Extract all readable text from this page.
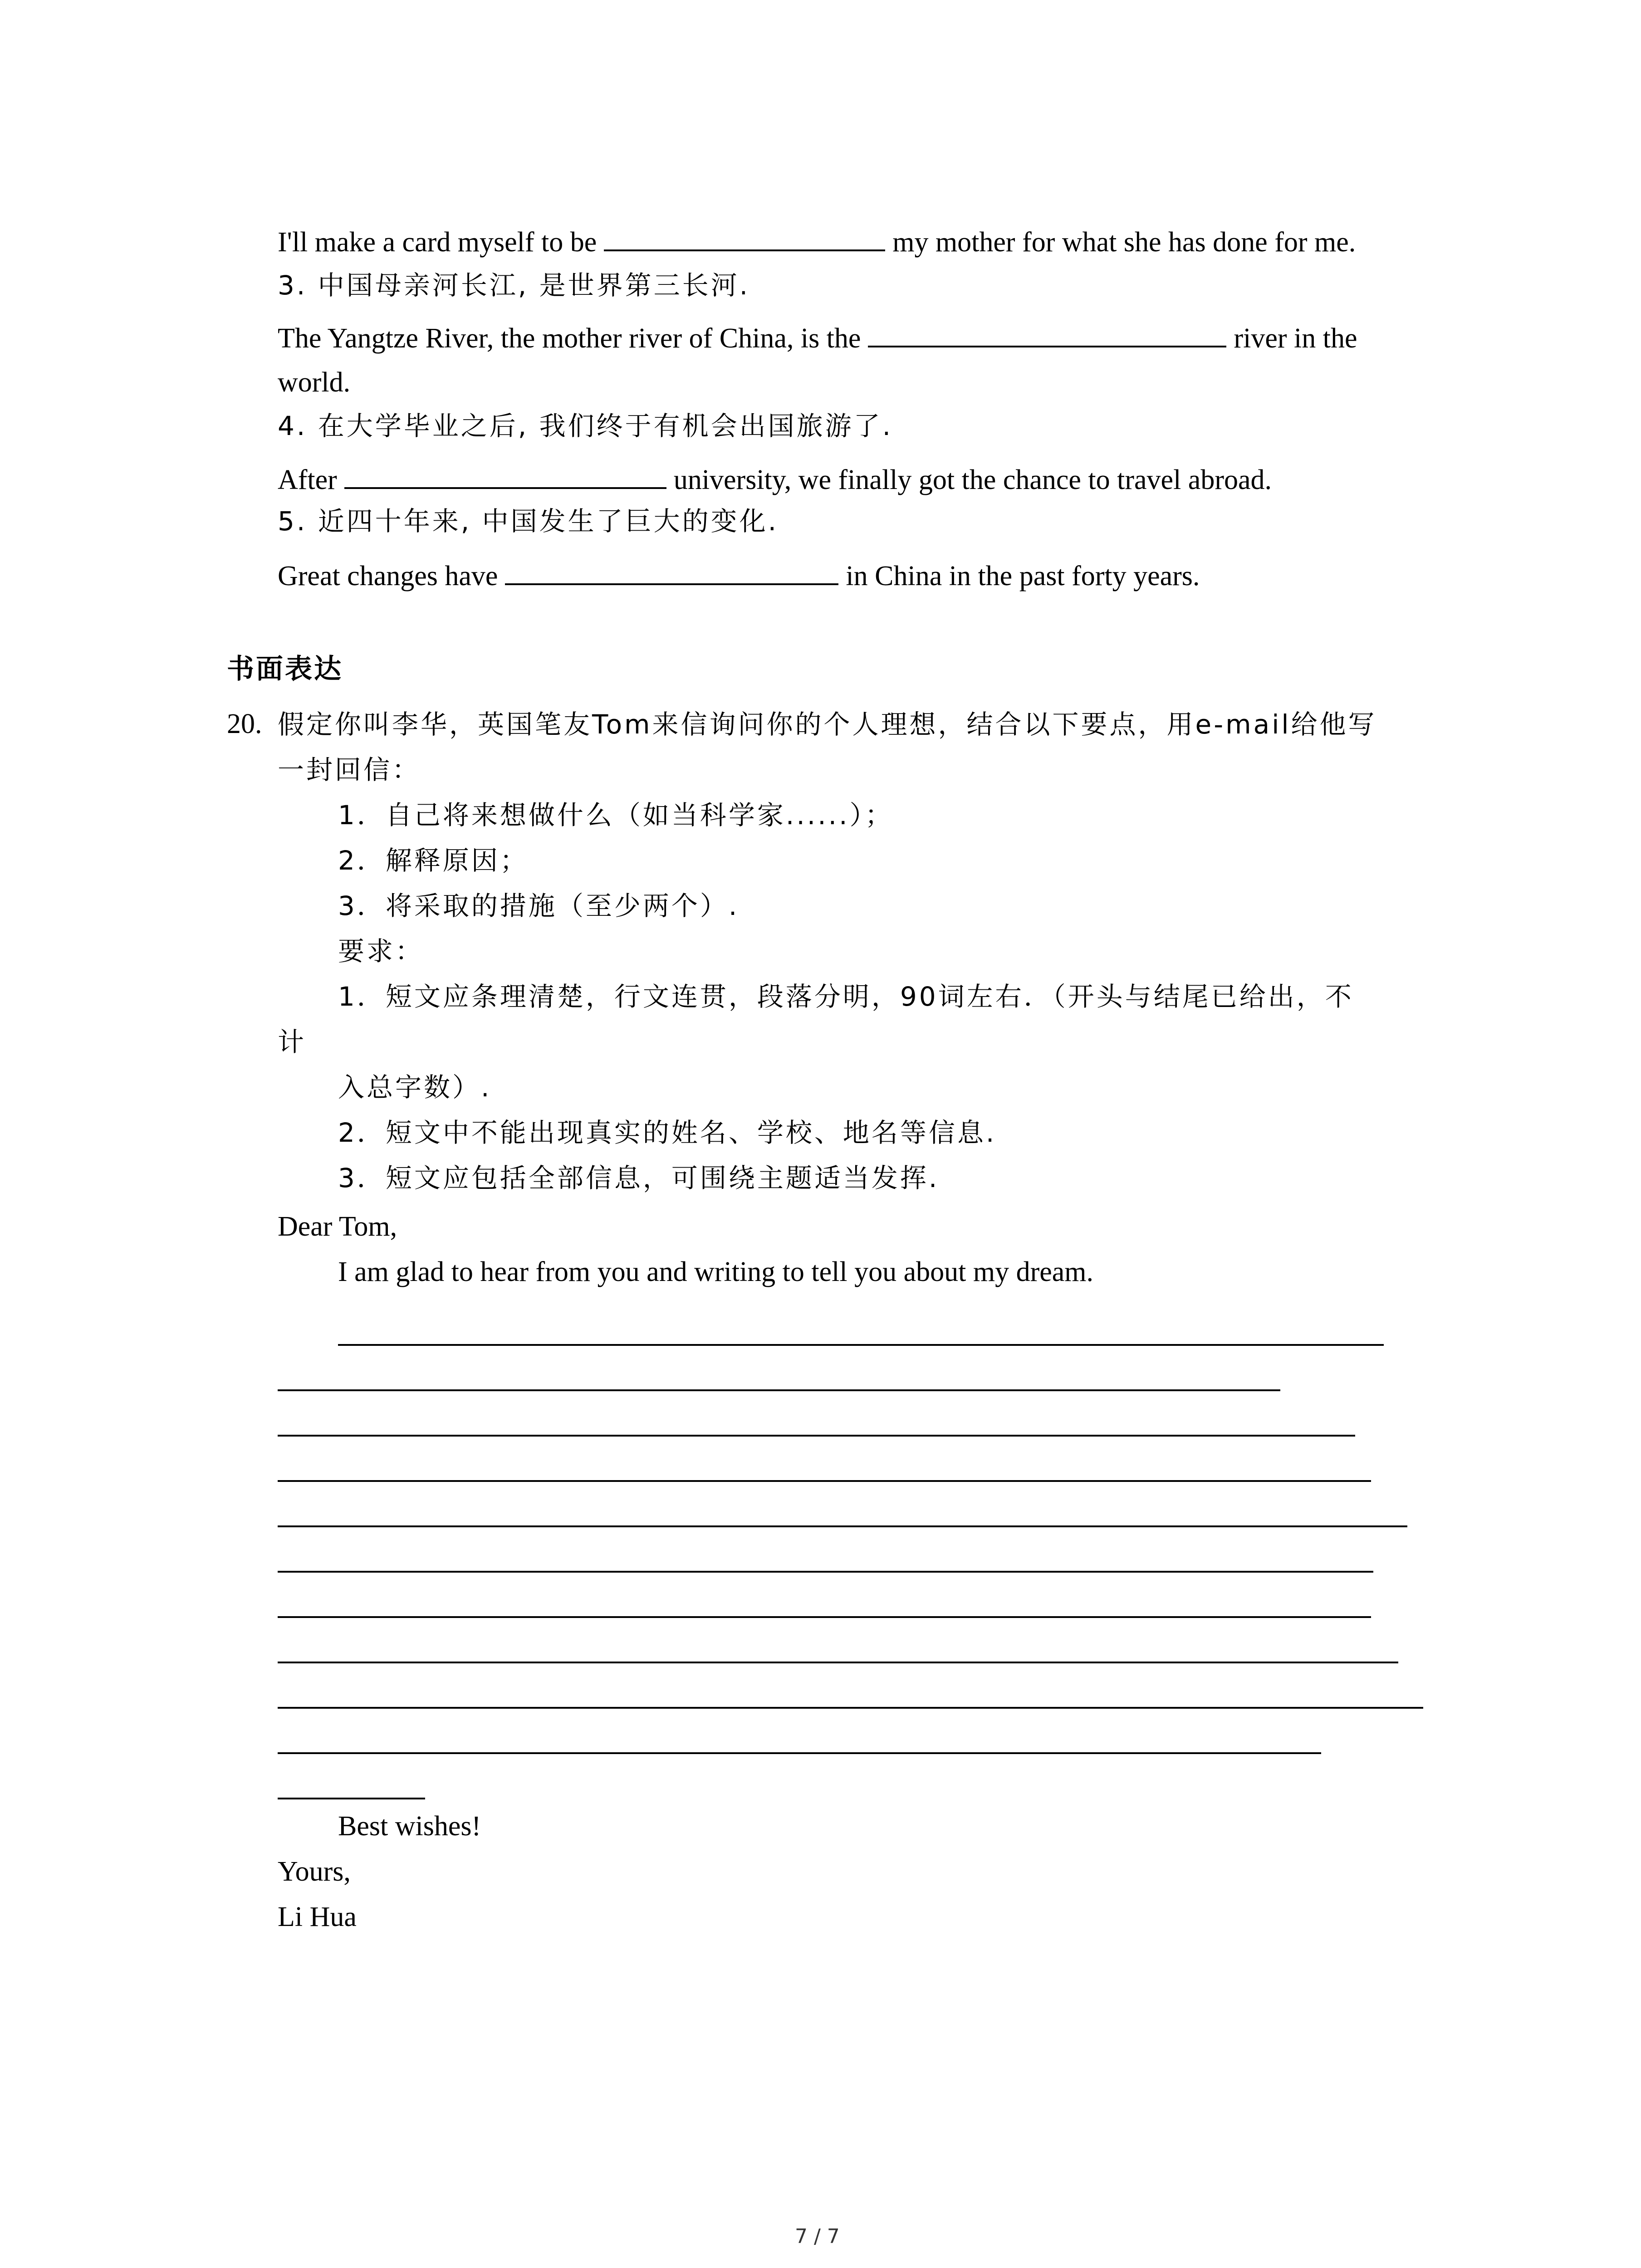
I'll make a card myself to be	my mother for what she has done for me.
3. 中国母亲河长江, 是世界第三长河.
The Yangtze River, the mother river of China, is the	river in the
world.
4. 在大学毕业之后, 我们终于有机会出国旅游了.
After	university, we finally got the chance to travel abroad.
5. 近四十年来, 中国发生了巨大的变化.
Great changes have	in China in the past forty years.
书面表达
20. 假定你叫李华，英国笔友Tom来信询问你的个人理想，结合以下要点，用e-mail给他写
一封回信：
1．自己将来想做什么（如当科学家......）；
2．解释原因；
3．将采取的措施（至少两个）.
要求：
1．短文应条理清楚，行文连贯，段落分明，90词左右．（开头与结尾已给出，不
计
入总字数）.
2．短文中不能出现真实的姓名、学校、地名等信息.
3．短文应包括全部信息，可围绕主题适当发挥.
Dear Tom,
I am glad to hear from you and writing to tell you about my dream.
Best wishes!
Yours,
Li Hua
7 / 7
